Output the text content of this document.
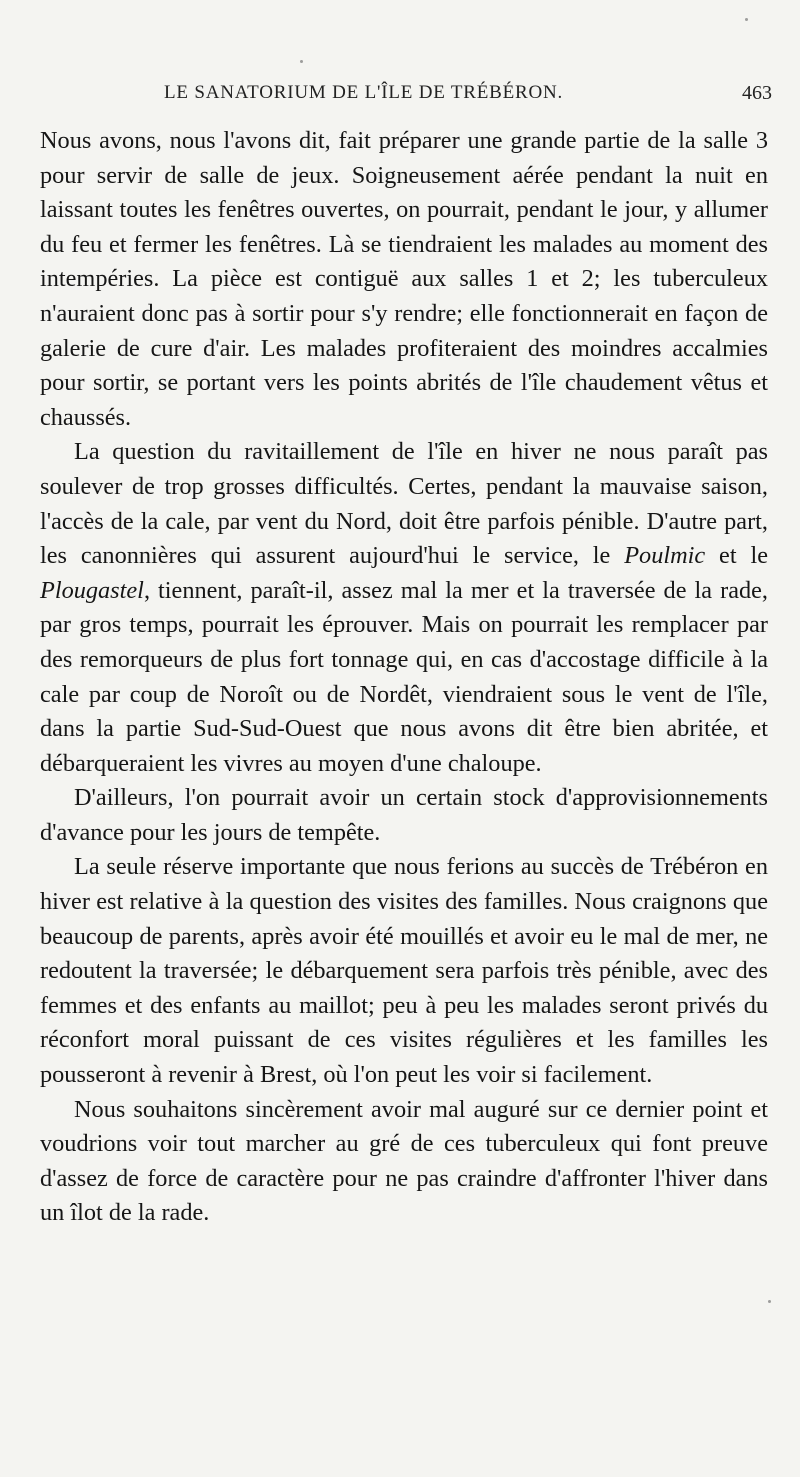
LE SANATORIUM DE L'ÎLE DE TRÉBÉRON.	463

Nous avons, nous l'avons dit, fait préparer une grande partie de la salle 3 pour servir de salle de jeux. Soigneusement aérée pendant la nuit en laissant toutes les fenêtres ouvertes, on pourrait, pendant le jour, y allumer du feu et fermer les fenêtres. Là se tiendraient les malades au moment des intempéries. La pièce est contiguë aux salles 1 et 2; les tuberculeux n'auraient donc pas à sortir pour s'y rendre; elle fonctionnerait en façon de galerie de cure d'air. Les malades profiteraient des moindres accalmies pour sortir, se portant vers les points abrités de l'île chaudement vêtus et chaussés.

La question du ravitaillement de l'île en hiver ne nous paraît pas soulever de trop grosses difficultés. Certes, pendant la mauvaise saison, l'accès de la cale, par vent du Nord, doit être parfois pénible. D'autre part, les canonnières qui assurent aujourd'hui le service, le Poulmic et le Plougastel, tiennent, paraît-il, assez mal la mer et la traversée de la rade, par gros temps, pourrait les éprouver. Mais on pourrait les remplacer par des remorqueurs de plus fort tonnage qui, en cas d'accostage difficile à la cale par coup de Noroît ou de Nordêt, viendraient sous le vent de l'île, dans la partie Sud-Sud-Ouest que nous avons dit être bien abritée, et débarqueraient les vivres au moyen d'une chaloupe.

D'ailleurs, l'on pourrait avoir un certain stock d'approvisionnements d'avance pour les jours de tempête.

La seule réserve importante que nous ferions au succès de Trébéron en hiver est relative à la question des visites des familles. Nous craignons que beaucoup de parents, après avoir été mouillés et avoir eu le mal de mer, ne redoutent la traversée; le débarquement sera parfois très pénible, avec des femmes et des enfants au maillot; peu à peu les malades seront privés du réconfort moral puissant de ces visites régulières et les familles les pousseront à revenir à Brest, où l'on peut les voir si facilement.

Nous souhaitons sincèrement avoir mal auguré sur ce dernier point et voudrions voir tout marcher au gré de ces tuberculeux qui font preuve d'assez de force de caractère pour ne pas craindre d'affronter l'hiver dans un îlot de la rade.
